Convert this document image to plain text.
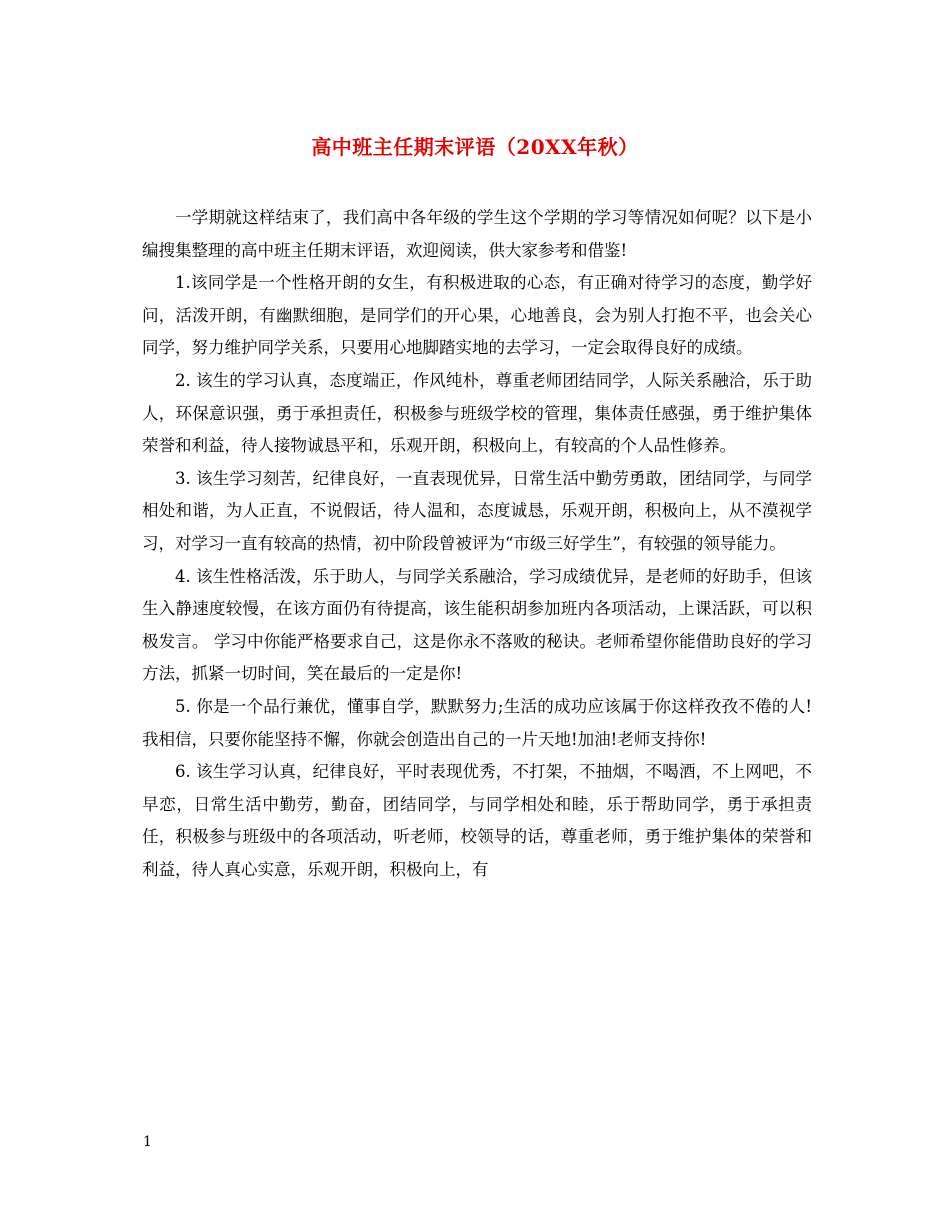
高中班主任期末评语（20XX年秋）

一学期就这样结束了，我们高中各年级的学生这个学期的学习等情况如何呢？以下是小编搜集整理的高中班主任期末评语，欢迎阅读，供大家参考和借鉴!

1.该同学是一个性格开朗的女生，有积极进取的心态，有正确对待学习的态度，勤学好问，活泼开朗，有幽默细胞，是同学们的开心果，心地善良，会为别人打抱不平，也会关心同学，努力维护同学关系，只要用心地脚踏实地的去学习，一定会取得良好的成绩。

2. 该生的学习认真，态度端正，作风纯朴，尊重老师团结同学，人际关系融洽，乐于助人，环保意识强，勇于承担责任，积极参与班级学校的管理，集体责任感强，勇于维护集体荣誉和利益，待人接物诚恳平和，乐观开朗，积极向上，有较高的个人品性修养。

3. 该生学习刻苦，纪律良好，一直表现优异，日常生活中勤劳勇敢，团结同学，与同学相处和谐，为人正直，不说假话，待人温和，态度诚恳，乐观开朗，积极向上，从不漠视学习，对学习一直有较高的热情，初中阶段曾被评为“市级三好学生”，有较强的领导能力。

4. 该生性格活泼，乐于助人，与同学关系融洽，学习成绩优异，是老师的好助手，但该生入静速度较慢，在该方面仍有待提高，该生能积胡参加班内各项活动，上课活跃，可以积极发言。 学习中你能严格要求自己，这是你永不落败的秘诀。老师希望你能借助良好的学习方法，抓紧一切时间，笑在最后的一定是你!

5. 你是一个品行兼优，懂事自学，默默努力;生活的成功应该属于你这样孜孜不倦的人!我相信，只要你能坚持不懈，你就会创造出自己的一片天地!加油!老师支持你!

6. 该生学习认真，纪律良好，平时表现优秀，不打架，不抽烟，不喝酒，不上网吧，不早恋，日常生活中勤劳，勤奋，团结同学，与同学相处和睦，乐于帮助同学，勇于承担责任，积极参与班级中的各项活动，听老师，校领导的话，尊重老师，勇于维护集体的荣誉和利益，待人真心实意，乐观开朗，积极向上，有

1
